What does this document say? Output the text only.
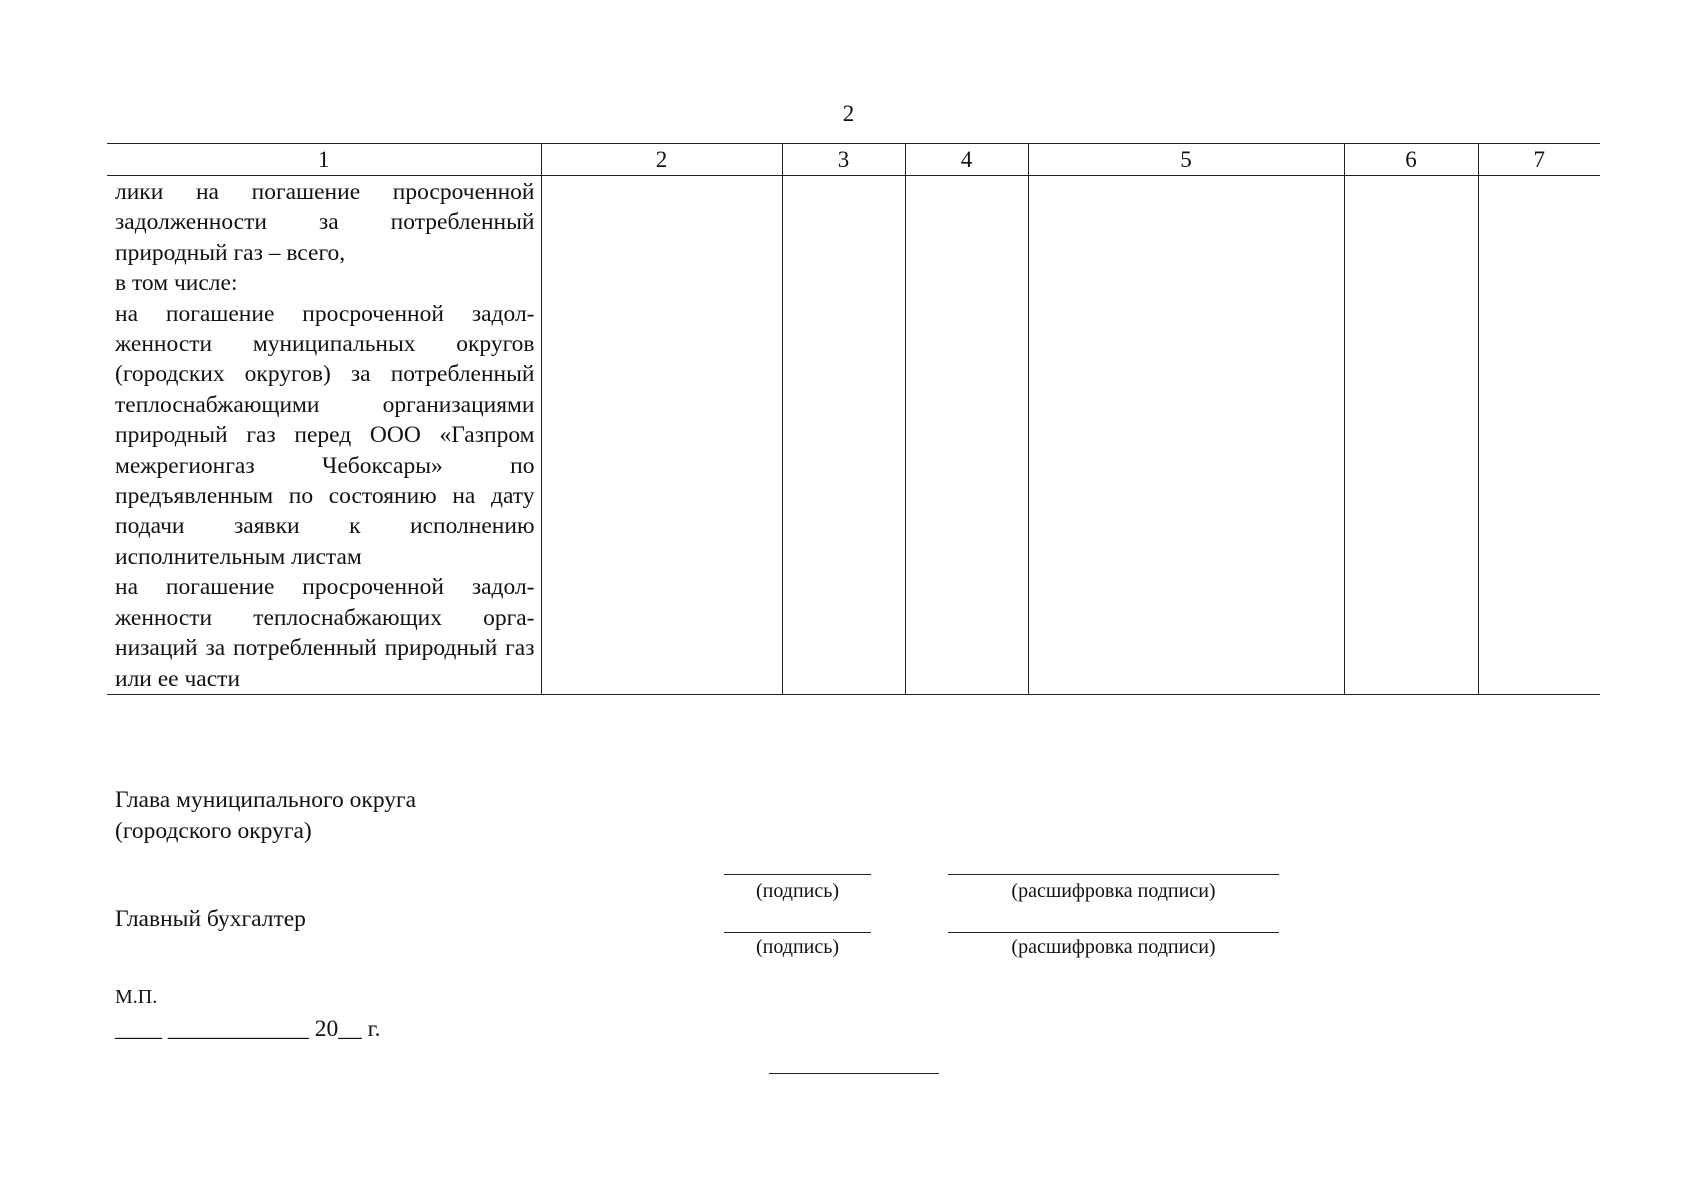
2
1	2	3	4	5	6	7

лики на погашение просроченной задолженности за потребленный природный газ – всего,

в том числе:

на погашение просроченной задолженности муниципальных округов (городских округов) за потребленный теплоснабжающими организациями природный газ перед ООО «Газпром межрегионгаз Чебоксары» по предъявленным по состоянию на дату подачи заявки к исполнению исполнительным листам

на погашение просроченной задолженности теплоснабжающих организаций за потребленный природный газ или ее части						

Глава муниципального округа
(городского округа)
(подпись)	(расшифровка подписи)
Главный бухгалтер
(подпись)	(расшифровка подписи)
М.П.
____ ____________ 20__ г.
